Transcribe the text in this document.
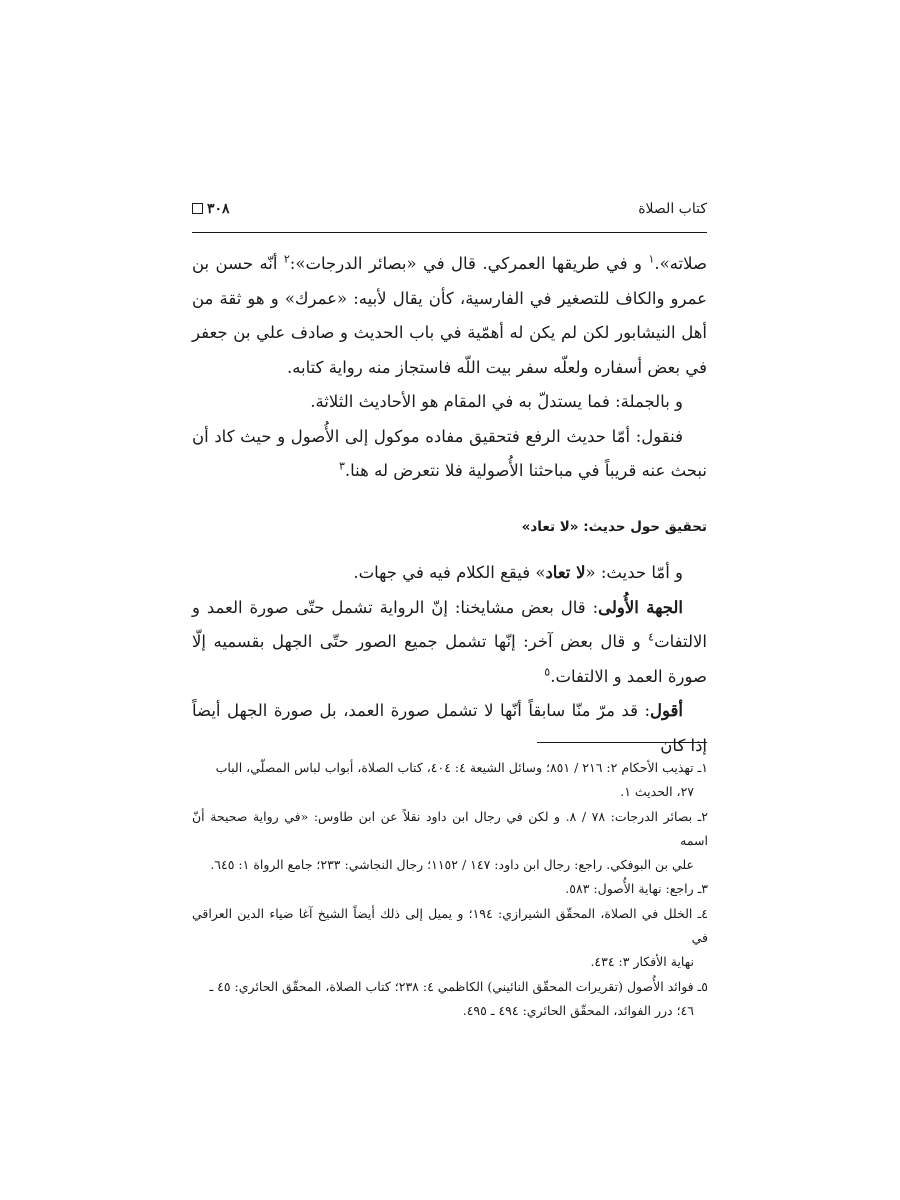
كتاب الصلاة
٣٠٨

صلاته».$^١$ و في طريقها العمركي. قال في «بصائر الدرجات»:$^٢$ أنّه حسن بن عمرو والكاف للتصغير في الفارسية، كأن يقال لأبيه: «عمرك» و هو ثقة من أهل النيشابور لكن لم يكن له أهمّية في باب الحديث و صادف علي بن جعفر في بعض أسفاره ولعلّه سفر بيت اللّه فاستجاز منه رواية كتابه.

و بالجملة: فما يستدلّ به في المقام هو الأحاديث الثلاثة.

فنقول: أمّا حديث الرفع فتحقيق مفاده موكول إلى الأُصول و حيث كاد أن نبحث عنه قريباً في مباحثنا الأُصولية فلا نتعرض له هنا.$^٣$

تحقيق حول حديث: «لا تعاد»

و أمّا حديث: «لا تعاد» فيقع الكلام فيه في جهات.

الجهة الأُولى: قال بعض مشايخنا: إنّ الرواية تشمل حتّى صورة العمد و الالتفات$^٤$ و قال بعض آخر: إنّها تشمل جميع الصور حتّى الجهل بقسميه إلّا صورة العمد و الالتفات.$^٥$

أقول: قد مرّ منّا سابقاً أنّها لا تشمل صورة العمد، بل صورة الجهل أيضاً إذا كان

١ـ تهذيب الأحكام ٢: ٢١٦ / ٨٥١؛ وسائل الشيعة ٤: ٤٠٤، كتاب الصلاة، أبواب لباس المصلّي، الباب
٢٧، الحديث ١.
٢ـ بصائر الدرجات: ٧٨ / ٨. و لكن في رجال ابن داود نقلاً عن ابن طاوس: «في رواية صحيحة أنّ اسمه
علي بن البوفكي. راجع: رجال ابن داود: ١٤٧ / ١١٥٢؛ رجال النجاشي: ٢٣٣؛ جامع الرواة ١: ٦٤٥.
٣ـ راجع: نهاية الأُصول: ٥٨٣.
٤ـ الخلل في الصلاة، المحقّق الشيرازي: ١٩٤؛ و يميل إلى ذلك أيضاً الشيخ آغا ضياء الدين العراقي في
نهاية الأفكار ٣: ٤٣٤.
٥ـ فوائد الأُصول (تقريرات المحقّق النائيني) الكاظمي ٤: ٢٣٨؛ كتاب الصلاة، المحقّق الحائري: ٤٥ ـ
٤٦؛ درر الفوائد، المحقّق الحائري: ٤٩٤ ـ ٤٩٥.
